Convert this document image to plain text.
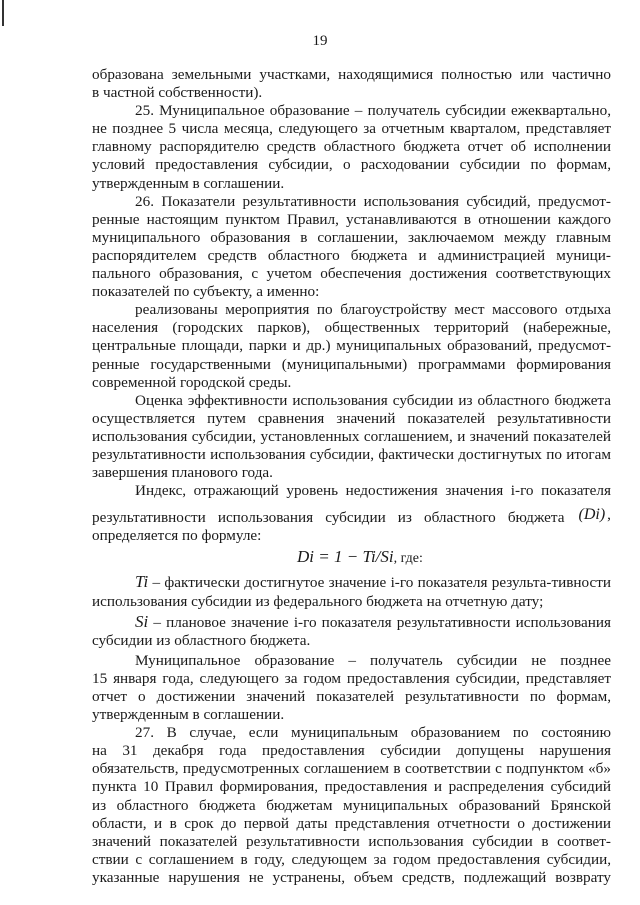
19

образована земельными участками, находящимися полностью или частично

в частной собственности).

25. Муниципальное образование – получатель субсидии ежеквартально,

не позднее 5 числа месяца, следующего за отчетным кварталом, представляет

главному распорядителю средств областного бюджета отчет об исполнении

условий предоставления субсидии, о расходовании субсидии по формам,

утвержденным в соглашении.

26. Показатели результативности использования субсидий, предусмот-

ренные настоящим пунктом Правил, устанавливаются в отношении каждого

муниципального образования в соглашении, заключаемом между главным

распорядителем средств областного бюджета и администрацией муници-

пального образования, с учетом обеспечения достижения соответствующих

показателей по субъекту, а именно:

реализованы мероприятия по благоустройству мест массового отдыха

населения (городских парков), общественных территорий (набережные,

центральные площади, парки и др.) муниципальных образований, предусмот-

ренные государственными (муниципальными) программами формирования

современной городской среды.

Оценка эффективности использования субсидии из областного бюджета

осуществляется путем сравнения значений показателей результативности

использования субсидии, установленных соглашением, и значений показателей

результативности использования субсидии, фактически достигнутых по итогам

завершения планового года.

Индекс, отражающий уровень недостижения значения i-го показателя

результативности использования субсидии из областного бюджета (Di) ,

определяется по формуле:

Di = 1 − Ti/Si, где:

Ti – фактически достигнутое значение i-го показателя результа-тивности

использования субсидии из федерального бюджета на отчетную дату;

Si – плановое значение i-го показателя результативности использования

субсидии из областного бюджета.

Муниципальное образование – получатель субсидии не позднее

15 января года, следующего за годом предоставления субсидии, представляет

отчет о достижении значений показателей результативности по формам,

утвержденным в соглашении.

27. В случае, если муниципальным образованием по состоянию

на 31 декабря года предоставления субсидии допущены нарушения

обязательств, предусмотренных соглашением в соответствии с подпунктом «б»

пункта 10 Правил формирования, предоставления и распределения субсидий

из областного бюджета бюджетам муниципальных образований Брянской

области, и в срок до первой даты представления отчетности о достижении

значений показателей результативности использования субсидии в соответ-

ствии с соглашением в году, следующем за годом предоставления субсидии,

указанные нарушения не устранены, объем средств, подлежащий возврату
